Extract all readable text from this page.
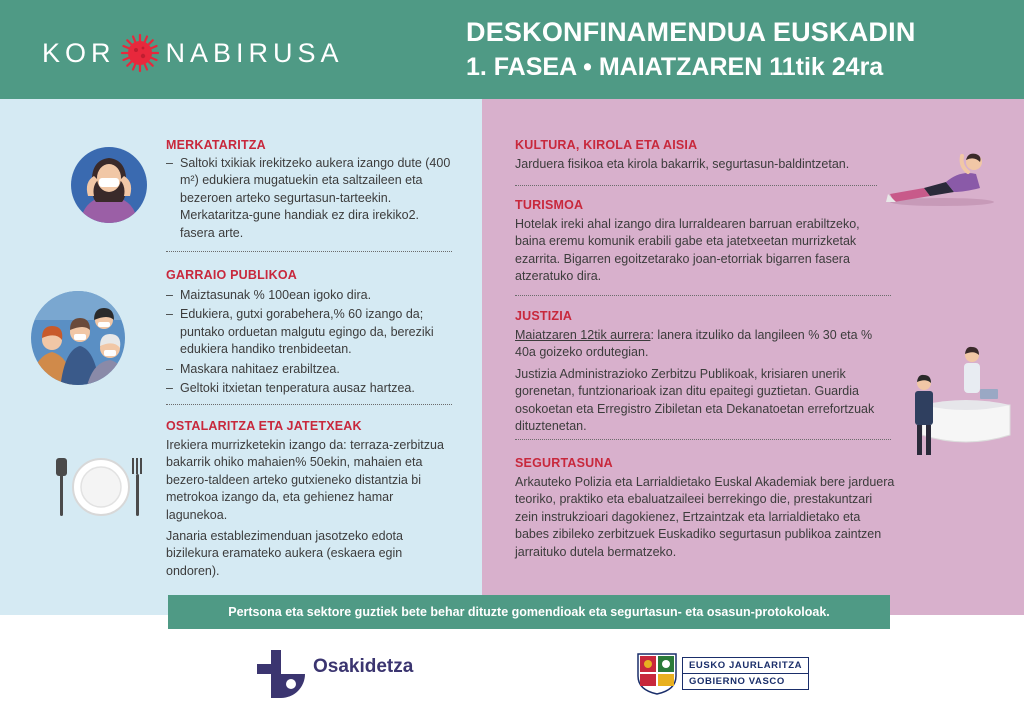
KOR NABIRUSA
DESKONFINAMENDUA EUSKADIN
1. FASEA • MAIATZAREN 11tik 24ra
MERKATARITZA
– Saltoki txikiak irekitzeko aukera izango dute (400 m²) edukiera mugatuekin eta saltzaileen eta bezeroen arteko segurtasun-tarteekin. Merkataritza-gune handiak ez dira irekiko2. fasera arte.
GARRAIO PUBLIKOA
– Maiztasunak % 100ean igoko dira.
– Edukiera, gutxi gorabehera,% 60 izango da; puntako orduetan malgutu egingo da, bereziki edukiera handiko trenbideetan.
– Maskara nahitaez erabiltzea.
– Geltoki itxietan tenperatura ausaz hartzea.
OSTALARITZA ETA JATETXEAK

Irekiera murrizketekin izango da: terraza-zerbitzua bakarrik ohiko mahaien% 50ekin, mahaien eta bezero-taldeen arteko gutxieneko distantzia bi metrokoa izango da, eta gehienez hamar lagunekoa.

Janaria establezimenduan jasotzeko edota bizilekura eramateko aukera (eskaera egin ondoren).

KULTURA, KIROLA ETA AISIA
Jarduera fisikoa eta kirola bakarrik, segurtasun-baldintzetan.
TURISMOA
Hotelak ireki ahal izango dira lurraldearen barruan erabiltzeko, baina eremu komunik erabili gabe eta jatetxeetan murrizketak ezarrita. Bigarren egoitzetarako joan-etorriak bigarren fasera atzeratuko dira.
JUSTIZIA

Maiatzaren 12tik aurrera: lanera itzuliko da langileen % 30 eta % 40a goizeko ordutegian.

Justizia Administrazioko Zerbitzu Publikoak, krisiaren unerik gorenetan, funtzionarioak izan ditu epaitegi guztietan. Guardia osokoetan eta Erregistro Zibiletan eta Dekanatoetan errefortzuak dituztenetan.

SEGURTASUNA
Arkauteko Polizia eta Larrialdietako Euskal Akademiak bere jarduera teoriko, praktiko eta ebaluatzaileei berrekingo die, prestakuntzari zein instrukzioari dagokienez, Ertzaintzak eta larrialdietako eta babes zibileko zerbitzuek Euskadiko segurtasun publikoa zaintzen jarraituko dutela bermatzeko.
Pertsona eta sektore guztiek bete behar dituzte gomendioak eta segurtasun- eta osasun-protokoloak.
Osakidetza	EUSKO JAURLARITZA
GOBIERNO VASCO
